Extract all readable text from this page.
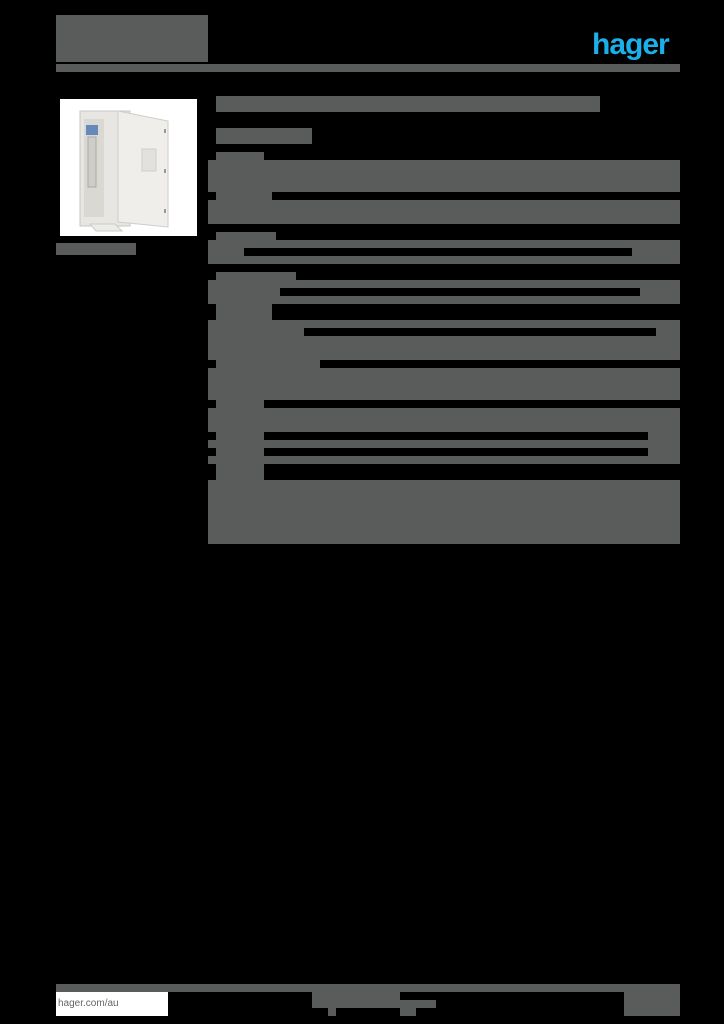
hager
hager.com/au
